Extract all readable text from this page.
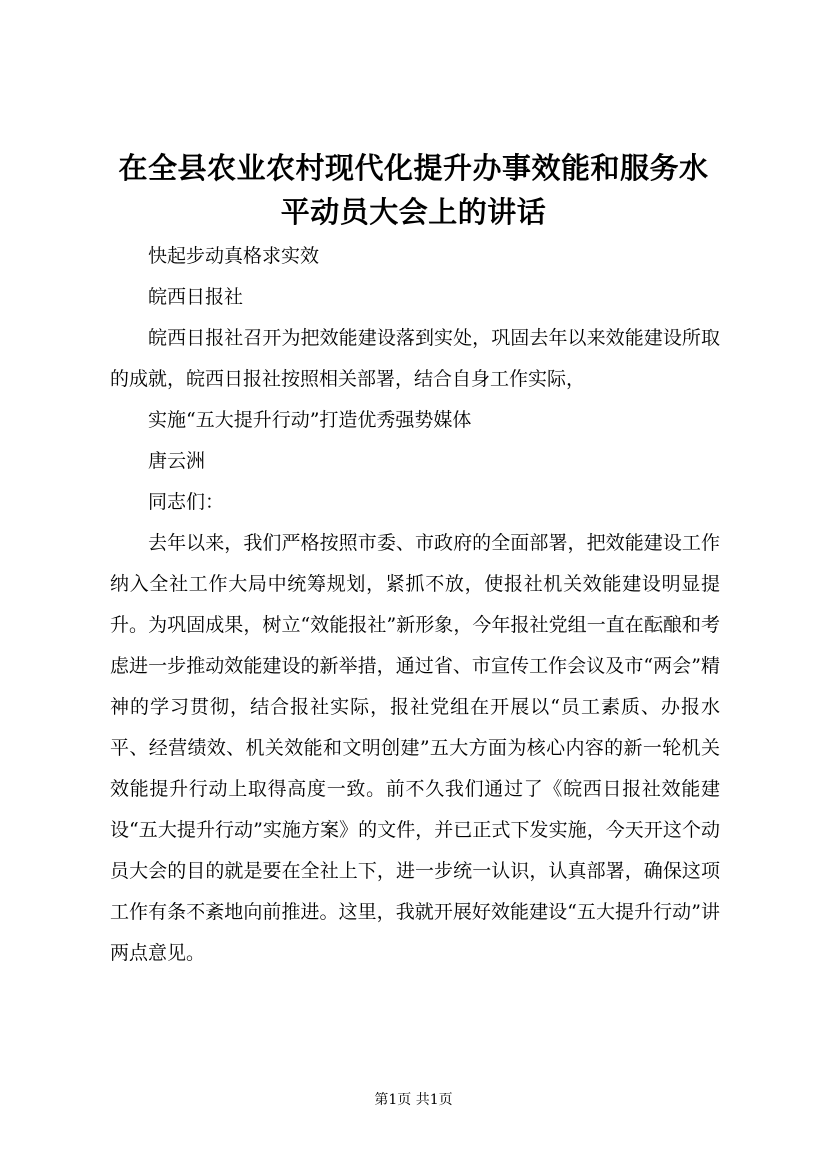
在全县农业农村现代化提升办事效能和服务水
平动员大会上的讲话

快起步动真格求实效

皖西日报社

皖西日报社召开为把效能建设落到实处，巩固去年以来效能建设所取的成就，皖西日报社按照相关部署，结合自身工作实际，

实施“五大提升行动”打造优秀强势媒体

唐云洲

同志们：

去年以来，我们严格按照市委、市政府的全面部署，把效能建设工作纳入全社工作大局中统筹规划，紧抓不放，使报社机关效能建设明显提升。为巩固成果，树立“效能报社”新形象，今年报社党组一直在酝酿和考虑进一步推动效能建设的新举措，通过省、市宣传工作会议及市“两会”精神的学习贯彻，结合报社实际，报社党组在开展以“员工素质、办报水平、经营绩效、机关效能和文明创建”五大方面为核心内容的新一轮机关效能提升行动上取得高度一致。前不久我们通过了《皖西日报社效能建设“五大提升行动”实施方案》的文件，并已正式下发实施，今天开这个动员大会的目的就是要在全社上下，进一步统一认识，认真部署，确保这项工作有条不紊地向前推进。这里，我就开展好效能建设“五大提升行动”讲两点意见。

第1页 共1页
